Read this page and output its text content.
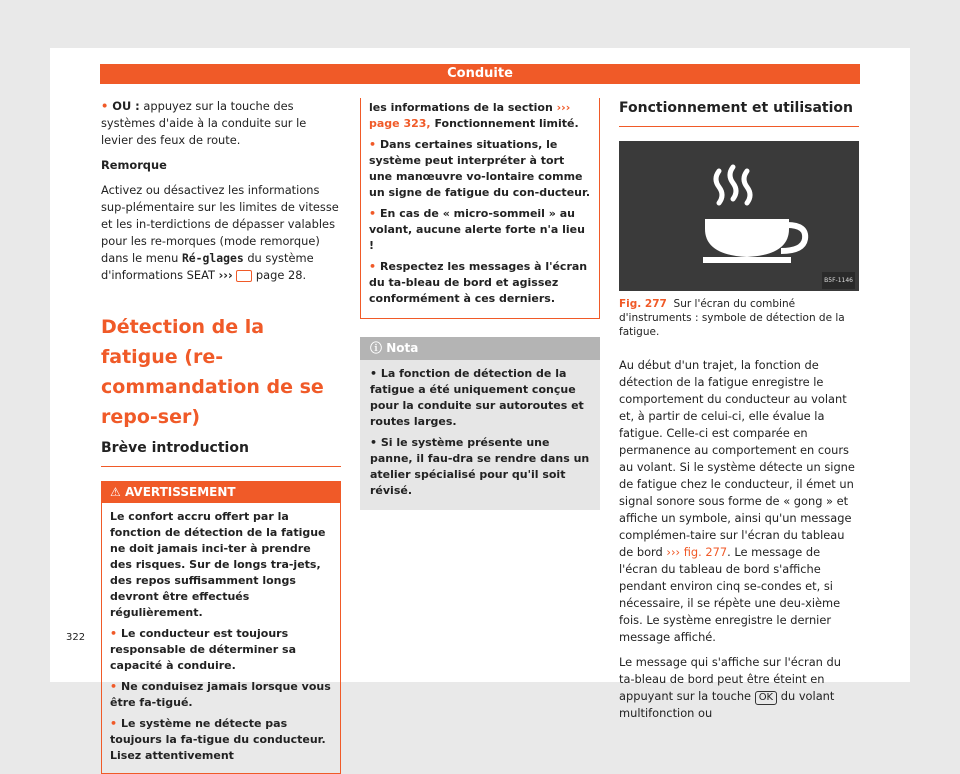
Conduite

• OU : appuyez sur la touche des systèmes d'aide à la conduite sur le levier des feux de route.

Remorque

Activez ou désactivez les informations sup-plémentaire sur les limites de vitesse et les in-terdictions de dépasser valables pour les re-morques (mode remorque) dans le menu Ré-glages du système d'informations SEAT ››› page 28.

Détection de la fatigue (re-commandation de se repo-ser)
Brève introduction
⚠ AVERTISSEMENT

Le confort accru offert par la fonction de détection de la fatigue ne doit jamais inci-ter à prendre des risques. Sur de longs tra-jets, des repos suffisamment longs devront être effectués régulièrement.

• Le conducteur est toujours responsable de déterminer sa capacité à conduire.

• Ne conduisez jamais lorsque vous être fa-tigué.

• Le système ne détecte pas toujours la fa-tigue du conducteur. Lisez attentivement

les informations de la section ››› page 323, Fonctionnement limité.

• Dans certaines situations, le système peut interpréter à tort une manœuvre vo-lontaire comme un signe de fatigue du con-ducteur.

• En cas de « micro-sommeil » au volant, aucune alerte forte n'a lieu !

• Respectez les messages à l'écran du ta-bleau de bord et agissez conformément à ces derniers.

ⓘ Nota

• La fonction de détection de la fatigue a été uniquement conçue pour la conduite sur autoroutes et routes larges.

• Si le système présente une panne, il fau-dra se rendre dans un atelier spécialisé pour qu'il soit révisé.

Fonctionnement et utilisation
B5F-1146
Fig. 277 Sur l'écran du combiné d'instruments : symbole de détection de la fatigue.

Au début d'un trajet, la fonction de détection de la fatigue enregistre le comportement du conducteur au volant et, à partir de celui-ci, elle évalue la fatigue. Celle-ci est comparée en permanence au comportement en cours au volant. Si le système détecte un signe de fatigue chez le conducteur, il émet un signal sonore sous forme de « gong » et affiche un symbole, ainsi qu'un message complémen-taire sur l'écran du tableau de bord ››› fig. 277. Le message de l'écran du tableau de bord s'affiche pendant environ cinq se-condes et, si nécessaire, il se répète une deu-xième fois. Le système enregistre le dernier message affiché.

Le message qui s'affiche sur l'écran du ta-bleau de bord peut être éteint en appuyant sur la touche OK du volant multifonction ou

322
